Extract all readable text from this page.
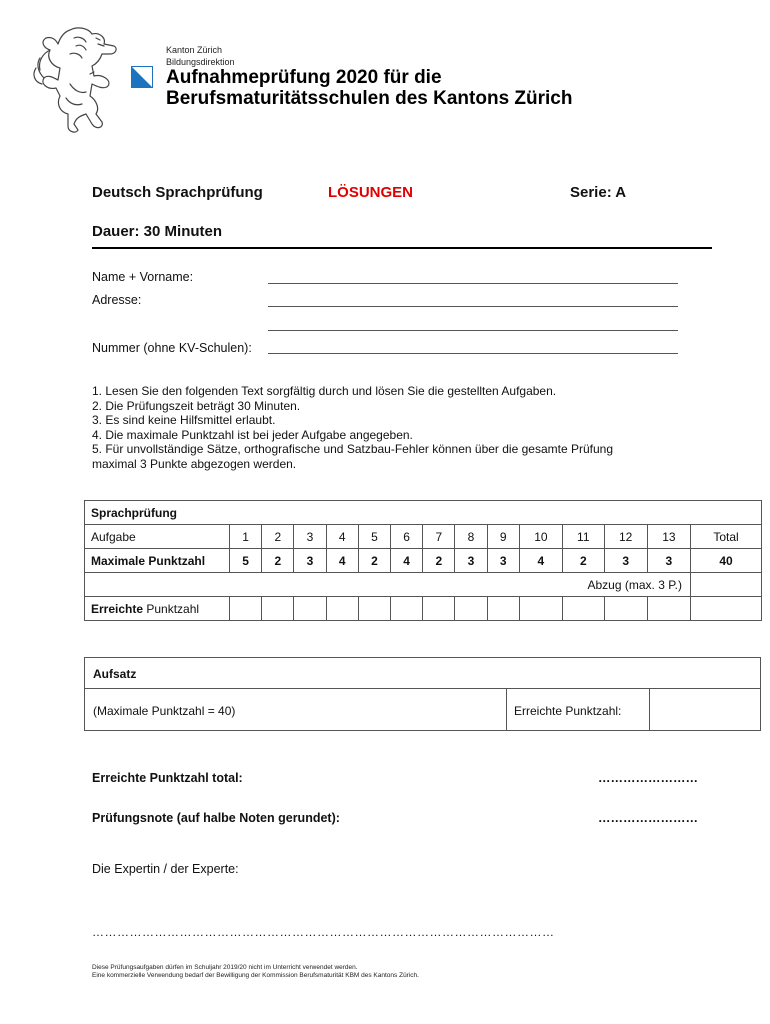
Kanton Zürich
Bildungsdirektion
Aufnahmeprüfung 2020 für die
Berufsmaturitätsschulen des Kantons Zürich
Deutsch Sprachprüfung	LÖSUNGEN	Serie: A
Dauer: 30 Minuten
Name + Vorname:
Adresse:
Nummer (ohne KV-Schulen):
1. Lesen Sie den folgenden Text sorgfältig durch und lösen Sie die gestellten Aufgaben.
2. Die Prüfungszeit beträgt 30 Minuten.
3. Es sind keine Hilfsmittel erlaubt.
4. Die maximale Punktzahl ist bei jeder Aufgabe angegeben.
5. Für unvollständige Sätze, orthografische und Satzbau-Fehler können über die gesamte Prüfung
maximal 3 Punkte abgezogen werden.
Sprachprüfung														
Aufgabe	1	2	3	4	5	6	7	8	9	10	11	12	13	Total
Maximale Punktzahl	5	2	3	4	2	4	2	3	3	4	2	3	3	40
Abzug (max. 3 P.)														
Erreichte Punktzahl														
Aufsatz
(Maximale Punktzahl = 40)	Erreichte Punktzahl:
Erreichte Punktzahl total:	……………………
Prüfungsnote (auf halbe Noten gerundet):	……………………
Die Expertin / der Experte:
…………………………………………………………………………………………………
Diese Prüfungsaufgaben dürfen im Schuljahr 2019/20 nicht im Unterricht verwendet werden.
Eine kommerzielle Verwendung bedarf der Bewilligung der Kommission Berufsmaturität KBM des Kantons Zürich.
